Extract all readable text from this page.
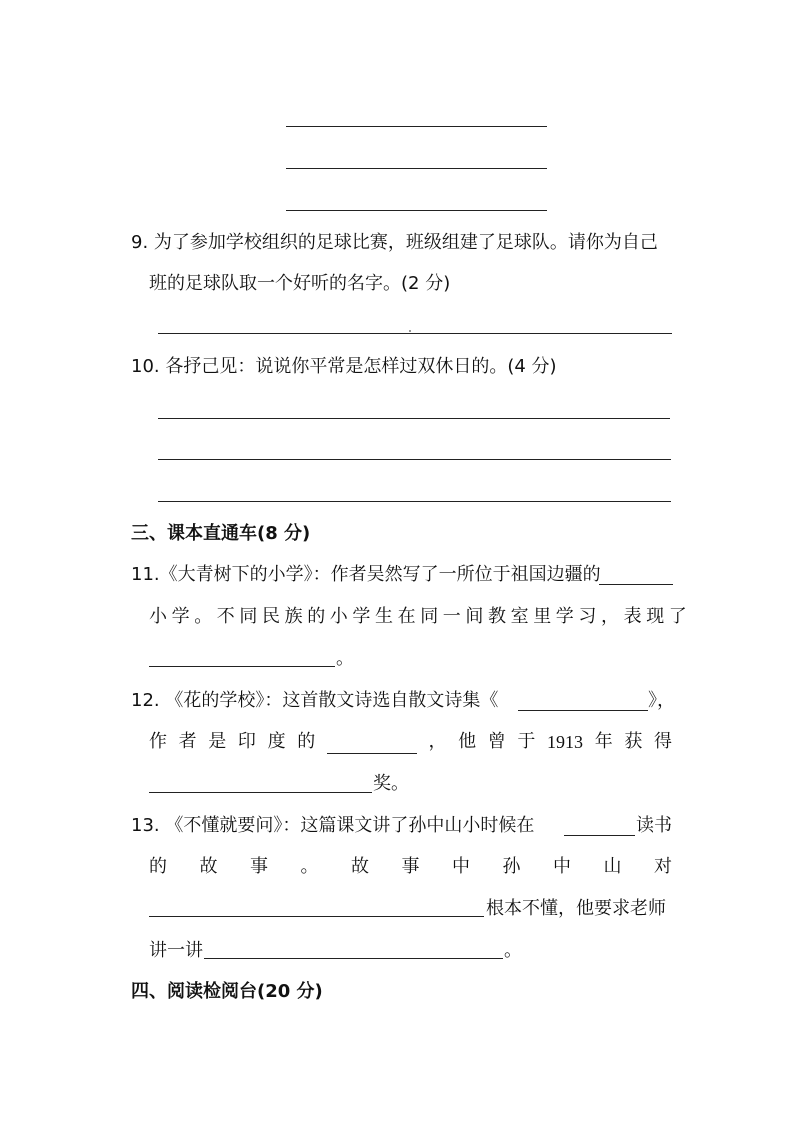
9. 为了参加学校组织的足球比赛，班级组建了足球队。请你为自己
班的足球队取一个好听的名字。(2 分)
10. 各抒己见：说说你平常是怎样过双休日的。(4 分)
三、课本直通车(8 分)
11.《大青树下的小学》：作者吴然写了一所位于祖国边疆的
小学。不同民族的小学生在同一间教室里学习，表现了
。
12. 《花的学校》：这首散文诗选自散文诗集《	》，
作 者 是 印 度 的	， 他 曾 于 1913 年 获 得
奖。
13. 《不懂就要问》：这篇课文讲了孙中山小时候在	读书
的 故 事 。 故 事 中 孙 中 山 对
根本不懂，他要求老师
讲一讲	。
四、阅读检阅台(20 分)
